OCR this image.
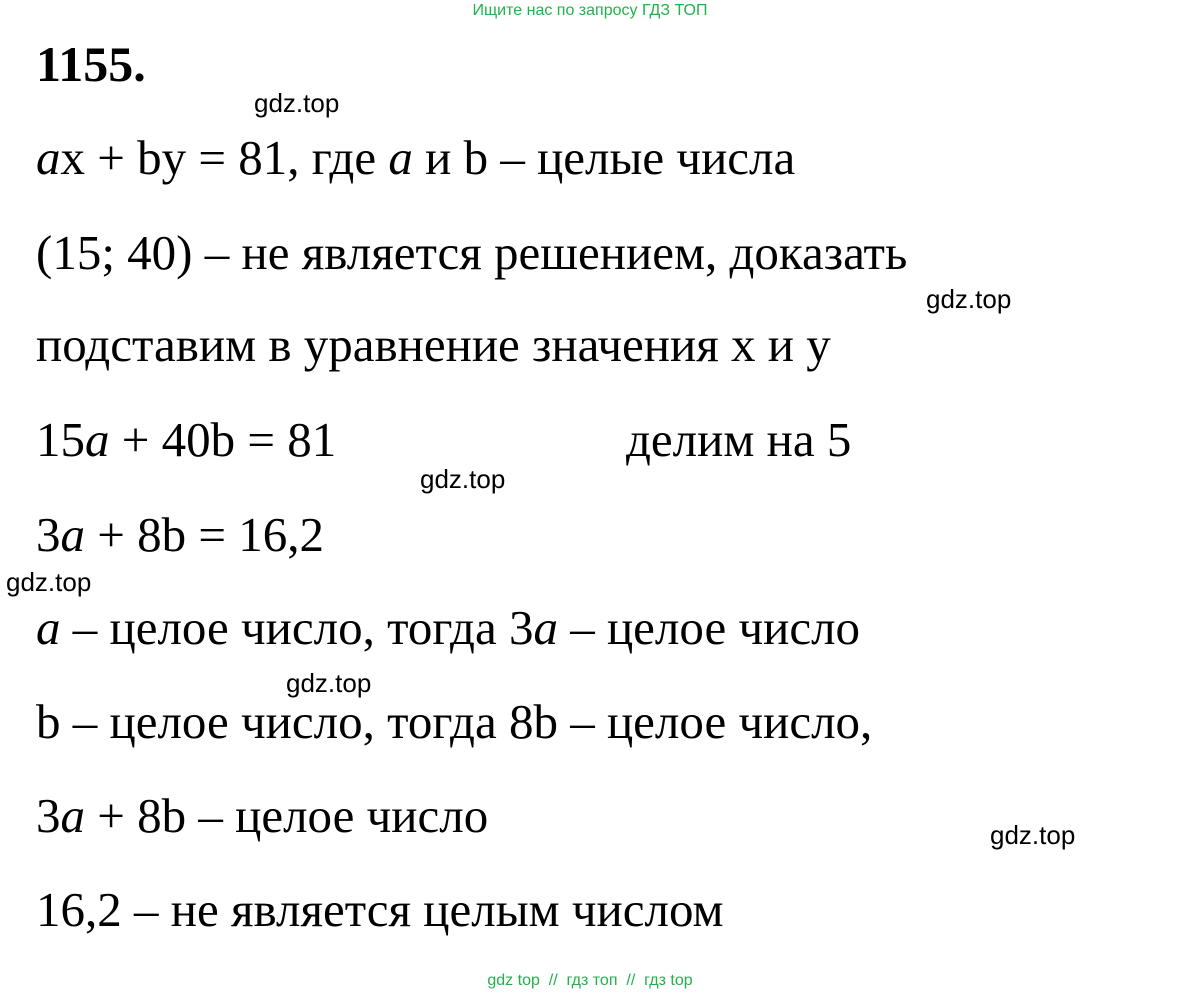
Ищите нас по запросу ГДЗ ТОП
1155.
gdz.top
ax + by = 81, где a и b – целые числа
(15; 40) – не является решением, доказать
gdz.top
подставим в уравнение значения x и y
15a + 40b = 81	делим на 5
gdz.top
3a + 8b = 16,2
gdz.top
a – целое число, тогда 3a – целое число
gdz.top
b – целое число, тогда 8b – целое число,
3a + 8b – целое число	gdz.top
16,2 – не является целым числом
gdz top  //  гдз топ  //  гдз top
